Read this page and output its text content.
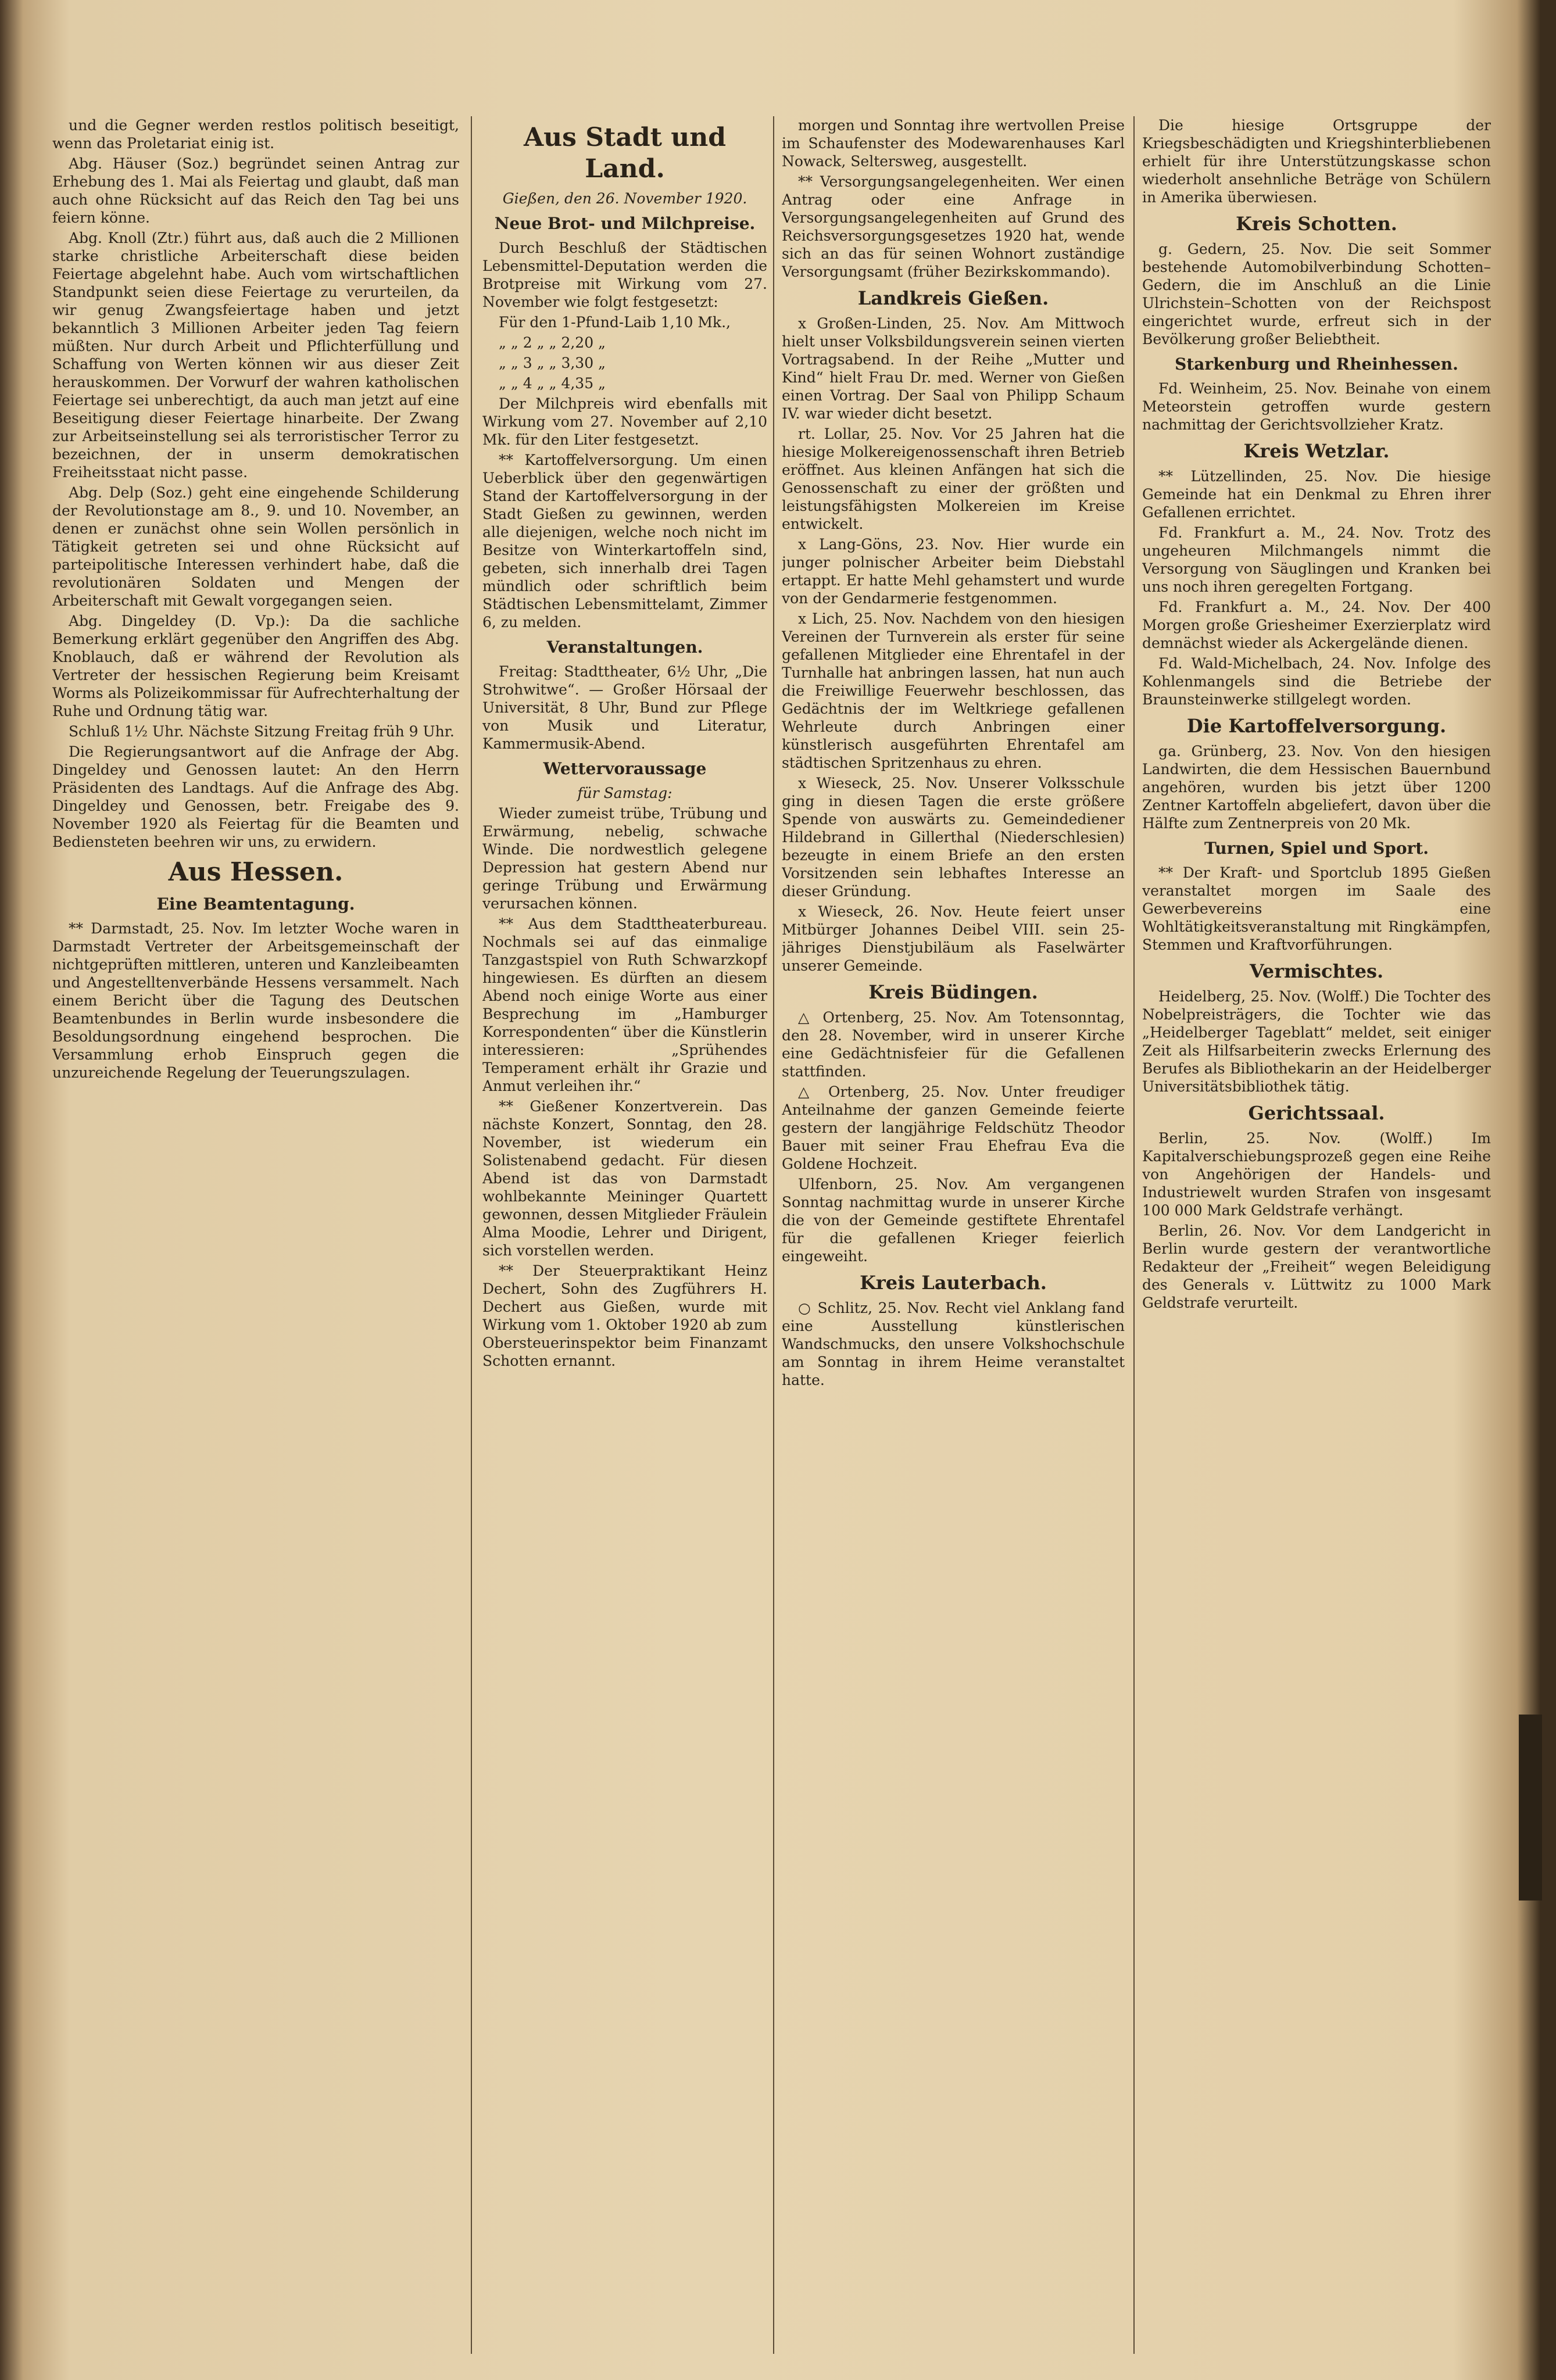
und die Gegner werden restlos politisch beseitigt, wenn das Proletariat einig ist.

Abg. Häuser (Soz.) begründet seinen Antrag zur Erhebung des 1. Mai als Feiertag und glaubt, daß man auch ohne Rücksicht auf das Reich den Tag bei uns feiern könne.

Abg. Knoll (Ztr.) führt aus, daß auch die 2 Millionen starke christliche Arbeiterschaft diese beiden Feiertage abgelehnt habe. Auch vom wirtschaftlichen Standpunkt seien diese Feiertage zu verurteilen, da wir genug Zwangsfeiertage haben und jetzt bekanntlich 3 Millionen Arbeiter jeden Tag feiern müßten. Nur durch Arbeit und Pflichterfüllung und Schaffung von Werten können wir aus dieser Zeit herauskommen. Der Vorwurf der wahren katholischen Feiertage sei unberechtigt, da auch man jetzt auf eine Beseitigung dieser Feiertage hinarbeite. Der Zwang zur Arbeitseinstellung sei als terroristischer Terror zu bezeichnen, der in unserm demokratischen Freiheitsstaat nicht passe.

Abg. Delp (Soz.) geht eine eingehende Schilderung der Revolutionstage am 8., 9. und 10. November, an denen er zunächst ohne sein Wollen persönlich in Tätigkeit getreten sei und ohne Rücksicht auf parteipolitische Interessen verhindert habe, daß die revolutionären Soldaten und Mengen der Arbeiterschaft mit Gewalt vorgegangen seien.

Abg. Dingeldey (D. Vp.): Da die sachliche Bemerkung erklärt gegenüber den Angriffen des Abg. Knoblauch, daß er während der Revolution als Vertreter der hessischen Regierung beim Kreisamt Worms als Polizeikommissar für Aufrechterhaltung der Ruhe und Ordnung tätig war.

Schluß 1½ Uhr. Nächste Sitzung Freitag früh 9 Uhr.

Die Regierungsantwort auf die Anfrage der Abg. Dingeldey und Genossen lautet: An den Herrn Präsidenten des Landtags. Auf die Anfrage des Abg. Dingeldey und Genossen, betr. Freigabe des 9. November 1920 als Feiertag für die Beamten und Bediensteten beehren wir uns, zu erwidern.

Aus Hessen.
Eine Beamtentagung.

** Darmstadt, 25. Nov. Im letzter Woche waren in Darmstadt Vertreter der Arbeitsgemeinschaft der nichtgeprüften mittleren, unteren und Kanzleibeamten und Angestelltenverbände Hessens versammelt. Nach einem Bericht über die Tagung des Deutschen Beamtenbundes in Berlin wurde insbesondere die Besoldungsordnung eingehend besprochen. Die Versammlung erhob Einspruch gegen die unzureichende Regelung der Teuerungszulagen.

Aus Stadt und Land.

Gießen, den 26. November 1920.

Neue Brot- und Milchpreise.

Durch Beschluß der Städtischen Lebensmittel-Deputation werden die Brotpreise mit Wirkung vom 27. November wie folgt festgesetzt:

Für den 1-Pfund-Laib 1,10 Mk.,

„ „ 2 „ „ 2,20 „

„ „ 3 „ „ 3,30 „

„ „ 4 „ „ 4,35 „

Der Milchpreis wird ebenfalls mit Wirkung vom 27. November auf 2,10 Mk. für den Liter festgesetzt.

** Kartoffelversorgung. Um einen Ueberblick über den gegenwärtigen Stand der Kartoffelversorgung in der Stadt Gießen zu gewinnen, werden alle diejenigen, welche noch nicht im Besitze von Winterkartoffeln sind, gebeten, sich innerhalb drei Tagen mündlich oder schriftlich beim Städtischen Lebensmittelamt, Zimmer 6, zu melden.

Veranstaltungen.

Freitag: Stadttheater, 6½ Uhr, „Die Strohwitwe“. — Großer Hörsaal der Universität, 8 Uhr, Bund zur Pflege von Musik und Literatur, Kammermusik-Abend.

Wettervoraussage

für Samstag:

Wieder zumeist trübe, Trübung und Erwärmung, nebelig, schwache Winde. Die nordwestlich gelegene Depression hat gestern Abend nur geringe Trübung und Erwärmung verursachen können.

** Aus dem Stadttheaterbureau. Nochmals sei auf das einmalige Tanzgastspiel von Ruth Schwarzkopf hingewiesen. Es dürften an diesem Abend noch einige Worte aus einer Besprechung im „Hamburger Korrespondenten“ über die Künstlerin interessieren: „Sprühendes Temperament erhält ihr Grazie und Anmut verleihen ihr.“

** Gießener Konzertverein. Das nächste Konzert, Sonntag, den 28. November, ist wiederum ein Solistenabend gedacht. Für diesen Abend ist das von Darmstadt wohlbekannte Meininger Quartett gewonnen, dessen Mitglieder Fräulein Alma Moodie, Lehrer und Dirigent, sich vorstellen werden.

** Der Steuerpraktikant Heinz Dechert, Sohn des Zugführers H. Dechert aus Gießen, wurde mit Wirkung vom 1. Oktober 1920 ab zum Obersteuerinspektor beim Finanzamt Schotten ernannt.

morgen und Sonntag ihre wertvollen Preise im Schaufenster des Modewarenhauses Karl Nowack, Seltersweg, ausgestellt.

** Versorgungsangelegenheiten. Wer einen Antrag oder eine Anfrage in Versorgungsangelegenheiten auf Grund des Reichsversorgungsgesetzes 1920 hat, wende sich an das für seinen Wohnort zuständige Versorgungsamt (früher Bezirkskommando).

Landkreis Gießen.

x Großen-Linden, 25. Nov. Am Mittwoch hielt unser Volksbildungsverein seinen vierten Vortragsabend. In der Reihe „Mutter und Kind“ hielt Frau Dr. med. Werner von Gießen einen Vortrag. Der Saal von Philipp Schaum IV. war wieder dicht besetzt.

rt. Lollar, 25. Nov. Vor 25 Jahren hat die hiesige Molkereigenossenschaft ihren Betrieb eröffnet. Aus kleinen Anfängen hat sich die Genossenschaft zu einer der größten und leistungsfähigsten Molkereien im Kreise entwickelt.

x Lang-Göns, 23. Nov. Hier wurde ein junger polnischer Arbeiter beim Diebstahl ertappt. Er hatte Mehl gehamstert und wurde von der Gendarmerie festgenommen.

x Lich, 25. Nov. Nachdem von den hiesigen Vereinen der Turnverein als erster für seine gefallenen Mitglieder eine Ehrentafel in der Turnhalle hat anbringen lassen, hat nun auch die Freiwillige Feuerwehr beschlossen, das Gedächtnis der im Weltkriege gefallenen Wehrleute durch Anbringen einer künstlerisch ausgeführten Ehrentafel am städtischen Spritzenhaus zu ehren.

x Wieseck, 25. Nov. Unserer Volksschule ging in diesen Tagen die erste größere Spende von auswärts zu. Gemeindediener Hildebrand in Gillerthal (Niederschlesien) bezeugte in einem Briefe an den ersten Vorsitzenden sein lebhaftes Interesse an dieser Gründung.

x Wieseck, 26. Nov. Heute feiert unser Mitbürger Johannes Deibel VIII. sein 25-jähriges Dienstjubiläum als Faselwärter unserer Gemeinde.

Kreis Büdingen.

△ Ortenberg, 25. Nov. Am Totensonntag, den 28. November, wird in unserer Kirche eine Gedächtnisfeier für die Gefallenen stattfinden.

△ Ortenberg, 25. Nov. Unter freudiger Anteilnahme der ganzen Gemeinde feierte gestern der langjährige Feldschütz Theodor Bauer mit seiner Frau Ehefrau Eva die Goldene Hochzeit.

Ulfenborn, 25. Nov. Am vergangenen Sonntag nachmittag wurde in unserer Kirche die von der Gemeinde gestiftete Ehrentafel für die gefallenen Krieger feierlich eingeweiht.

Kreis Lauterbach.

○ Schlitz, 25. Nov. Recht viel Anklang fand eine Ausstellung künstlerischen Wandschmucks, den unsere Volkshochschule am Sonntag in ihrem Heime veranstaltet hatte.

Die hiesige Ortsgruppe der Kriegsbeschädigten und Kriegshinterbliebenen erhielt für ihre Unterstützungskasse schon wiederholt ansehnliche Beträge von Schülern in Amerika überwiesen.

Kreis Schotten.

g. Gedern, 25. Nov. Die seit Sommer bestehende Automobilverbindung Schotten–Gedern, die im Anschluß an die Linie Ulrichstein–Schotten von der Reichspost eingerichtet wurde, erfreut sich in der Bevölkerung großer Beliebtheit.

Starkenburg und Rheinhessen.

Fd. Weinheim, 25. Nov. Beinahe von einem Meteorstein getroffen wurde gestern nachmittag der Gerichtsvollzieher Kratz.

Kreis Wetzlar.

** Lützellinden, 25. Nov. Die hiesige Gemeinde hat ein Denkmal zu Ehren ihrer Gefallenen errichtet.

Fd. Frankfurt a. M., 24. Nov. Trotz des ungeheuren Milchmangels nimmt die Versorgung von Säuglingen und Kranken bei uns noch ihren geregelten Fortgang.

Fd. Frankfurt a. M., 24. Nov. Der 400 Morgen große Griesheimer Exerzierplatz wird demnächst wieder als Ackergelände dienen.

Fd. Wald-Michelbach, 24. Nov. Infolge des Kohlenmangels sind die Betriebe der Braunsteinwerke stillgelegt worden.

Die Kartoffelversorgung.

ga. Grünberg, 23. Nov. Von den hiesigen Landwirten, die dem Hessischen Bauernbund angehören, wurden bis jetzt über 1200 Zentner Kartoffeln abgeliefert, davon über die Hälfte zum Zentnerpreis von 20 Mk.

Turnen, Spiel und Sport.

** Der Kraft- und Sportclub 1895 Gießen veranstaltet morgen im Saale des Gewerbevereins eine Wohltätigkeitsveranstaltung mit Ringkämpfen, Stemmen und Kraftvorführungen.

Vermischtes.

Heidelberg, 25. Nov. (Wolff.) Die Tochter des Nobelpreisträgers, die Tochter wie das „Heidelberger Tageblatt“ meldet, seit einiger Zeit als Hilfsarbeiterin zwecks Erlernung des Berufes als Bibliothekarin an der Heidelberger Universitätsbibliothek tätig.

Gerichtssaal.

Berlin, 25. Nov. (Wolff.) Im Kapitalverschiebungsprozeß gegen eine Reihe von Angehörigen der Handels- und Industriewelt wurden Strafen von insgesamt 100 000 Mark Geldstrafe verhängt.

Berlin, 26. Nov. Vor dem Landgericht in Berlin wurde gestern der verantwortliche Redakteur der „Freiheit“ wegen Beleidigung des Generals v. Lüttwitz zu 1000 Mark Geldstrafe verurteilt.
